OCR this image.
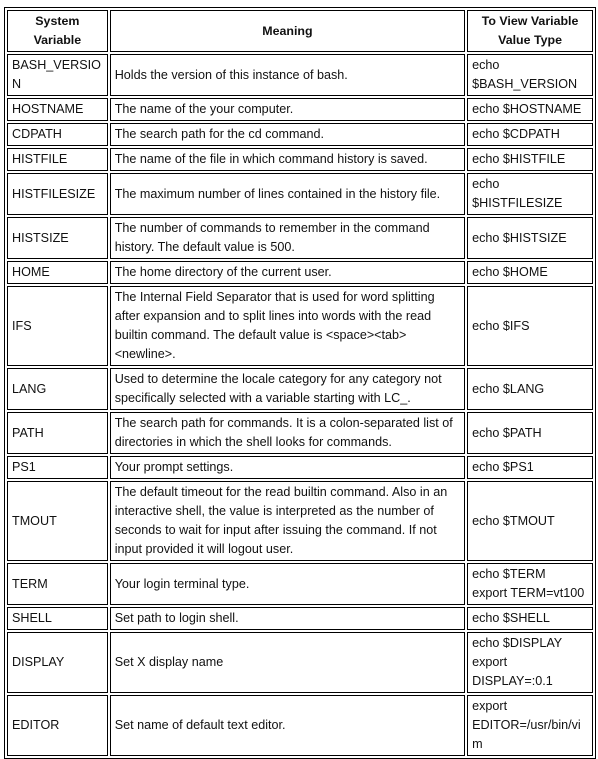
System Variable	Meaning	To View Variable Value Type
BASH_VERSION	Holds the version of this instance of bash.	echo
$BASH_VERSION

HOSTNAME	The name of the your computer.	echo $HOSTNAME

CDPATH	The search path for the cd command.	echo $CDPATH

HISTFILE	The name of the file in which command history is saved.	echo $HISTFILE

HISTFILESIZE	The maximum number of lines contained in the history file.	echo
$HISTFILESIZE

HISTSIZE	The number of commands to remember in the command history. The default value is 500.	echo $HISTSIZE

HOME	The home directory of the current user.	echo $HOME

IFS	The Internal Field Separator that is used for word splitting after expansion and to split lines into words with the read builtin command. The default value is <space><tab><newline>.	echo $IFS

LANG	Used to determine the locale category for any category not specifically selected with a variable starting with LC_.	echo $LANG

PATH	The search path for commands. It is a colon-separated list of directories in which the shell looks for commands.	echo $PATH

PS1	Your prompt settings.	echo $PS1

TMOUT	The default timeout for the read builtin command. Also in an interactive shell, the value is interpreted as the number of seconds to wait for input after issuing the command. If not input provided it will logout user.	echo $TMOUT

TERM	Your login terminal type.	echo $TERM
export TERM=vt100

SHELL	Set path to login shell.	echo $SHELL

DISPLAY	Set X display name	echo $DISPLAY
export
DISPLAY=:0.1

EDITOR	Set name of default text editor.	export
EDITOR=/usr/bin/vim
